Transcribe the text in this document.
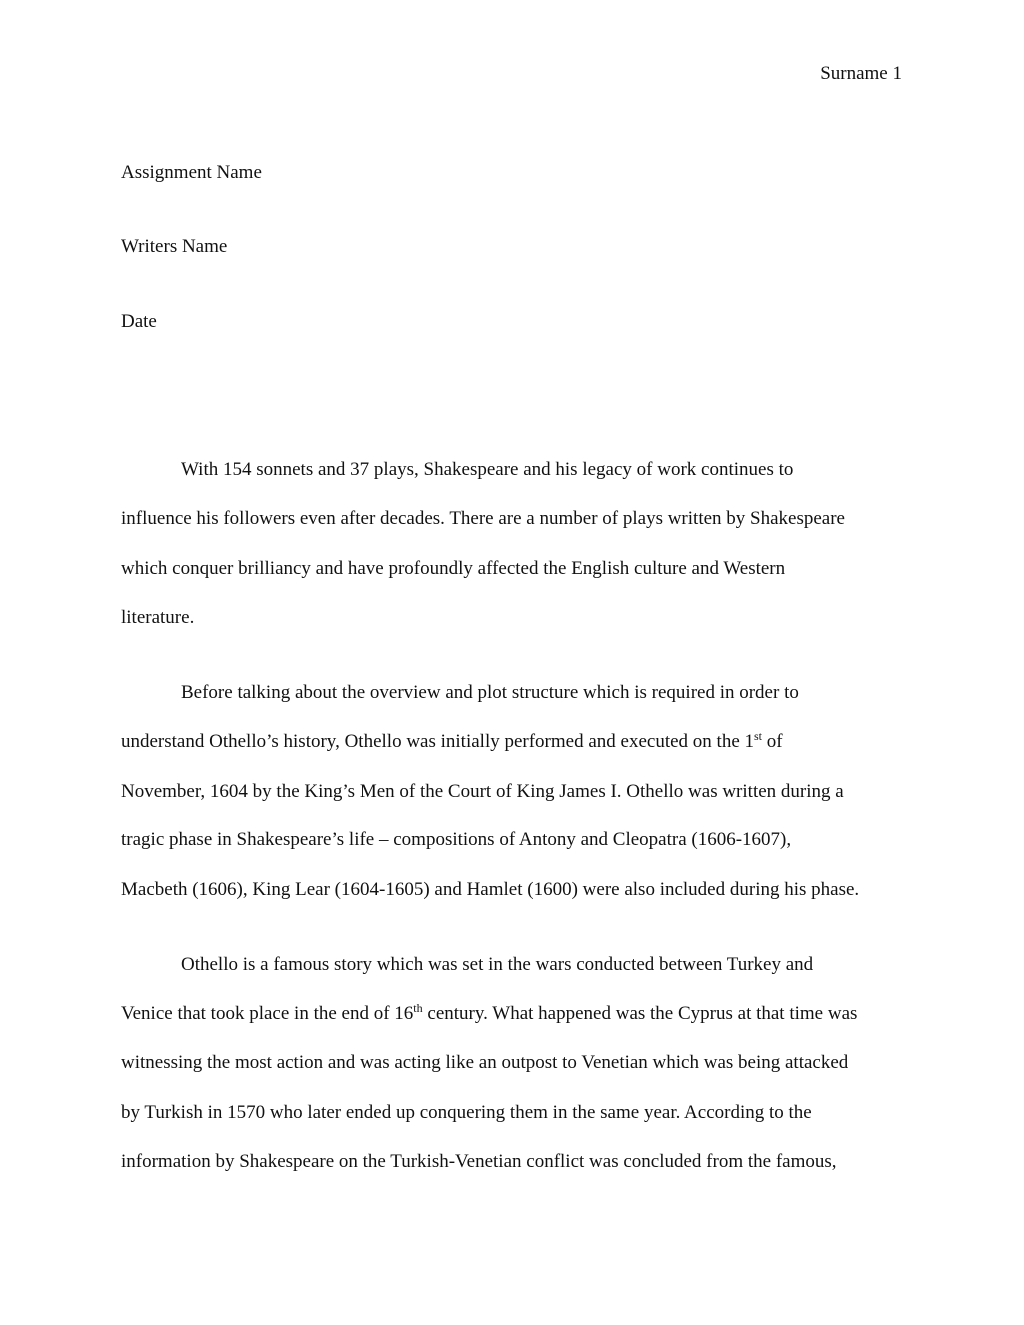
Surname 1
Assignment Name
Writers Name
Date
With 154 sonnets and 37 plays, Shakespeare and his legacy of work continues to
influence his followers even after decades. There are a number of plays written by Shakespeare
which conquer brilliancy and have profoundly affected the English culture and Western
literature.
Before talking about the overview and plot structure which is required in order to
understand Othello’s history, Othello was initially performed and executed on the 1st of
November, 1604 by the King’s Men of the Court of King James I. Othello was written during a
tragic phase in Shakespeare’s life – compositions of Antony and Cleopatra (1606-1607),
Macbeth (1606), King Lear (1604-1605) and Hamlet (1600) were also included during his phase.
Othello is a famous story which was set in the wars conducted between Turkey and
Venice that took place in the end of 16th century. What happened was the Cyprus at that time was
witnessing the most action and was acting like an outpost to Venetian which was being attacked
by Turkish in 1570 who later ended up conquering them in the same year. According to the
information by Shakespeare on the Turkish-Venetian conflict was concluded from the famous,
